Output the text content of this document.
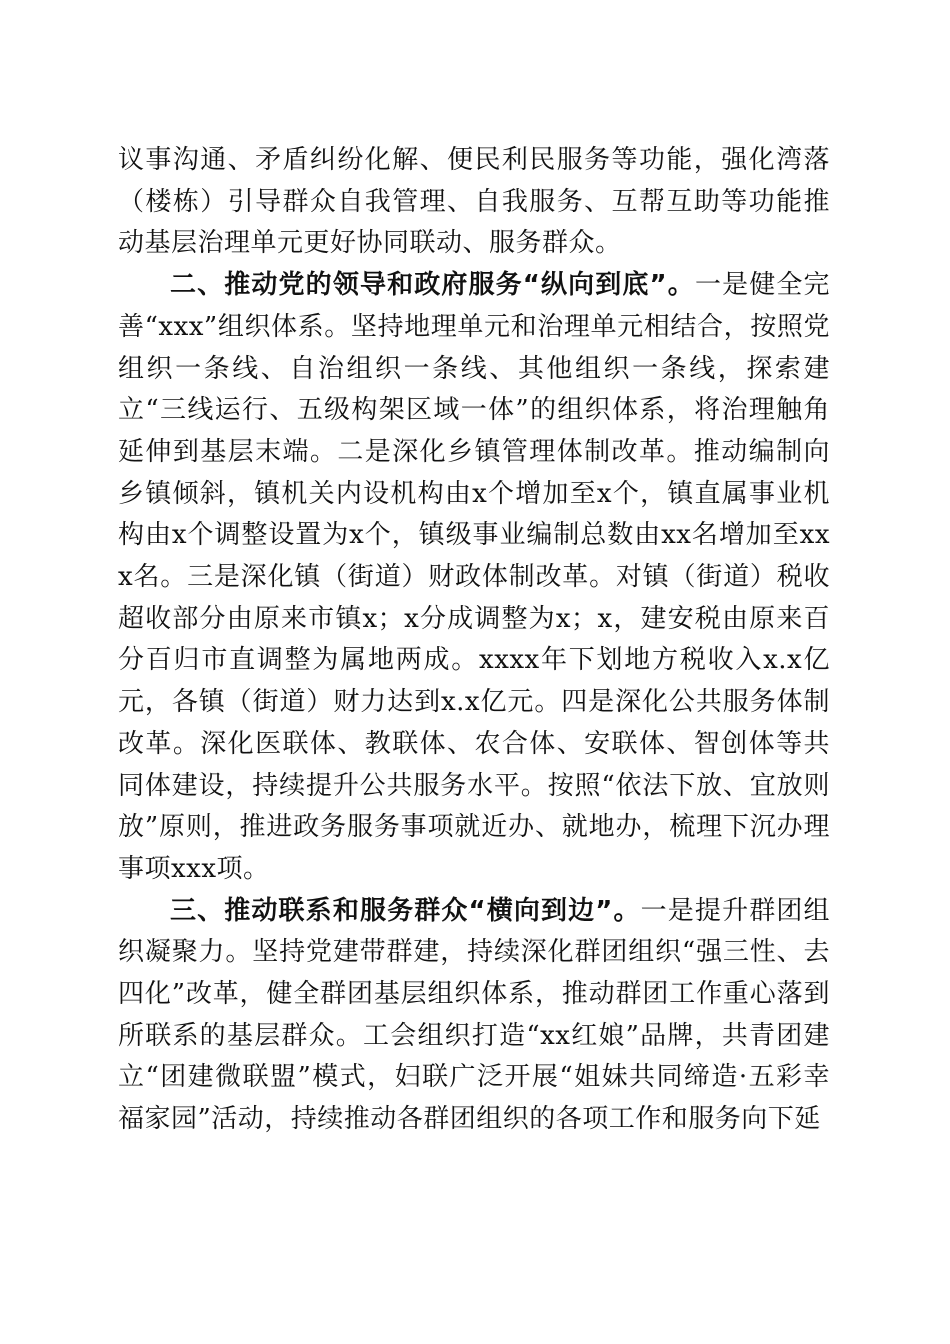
议事沟通、矛盾纠纷化解、便民利民服务等功能，强化湾落（楼栋）引导群众自我管理、自我服务、互帮互助等功能推动基层治理单元更好协同联动、服务群众。

二、推动党的领导和政府服务“纵向到底”。一是健全完善“xxx”组织体系。坚持地理单元和治理单元相结合，按照党组织一条线、自治组织一条线、其他组织一条线，探索建立“三线运行、五级构架区域一体”的组织体系，将治理触角延伸到基层末端。二是深化乡镇管理体制改革。推动编制向乡镇倾斜，镇机关内设机构由x个增加至x个，镇直属事业机构由x个调整设置为x个，镇级事业编制总数由xx名增加至xxx名。三是深化镇（街道）财政体制改革。对镇（街道）税收超收部分由原来市镇x；x分成调整为x；x，建安税由原来百分百归市直调整为属地两成。xxxx年下划地方税收入x.x亿元，各镇（街道）财力达到x.x亿元。四是深化公共服务体制改革。深化医联体、教联体、农合体、安联体、智创体等共同体建设，持续提升公共服务水平。按照“依法下放、宜放则放”原则，推进政务服务事项就近办、就地办，梳理下沉办理事项xxx项。

三、推动联系和服务群众“横向到边”。一是提升群团组织凝聚力。坚持党建带群建，持续深化群团组织“强三性、去四化”改革，健全群团基层组织体系，推动群团工作重心落到所联系的基层群众。工会组织打造“xx红娘”品牌，共青团建立“团建微联盟”模式，妇联广泛开展“姐妹共同缔造·五彩幸福家园”活动，持续推动各群团组织的各项工作和服务向下延
